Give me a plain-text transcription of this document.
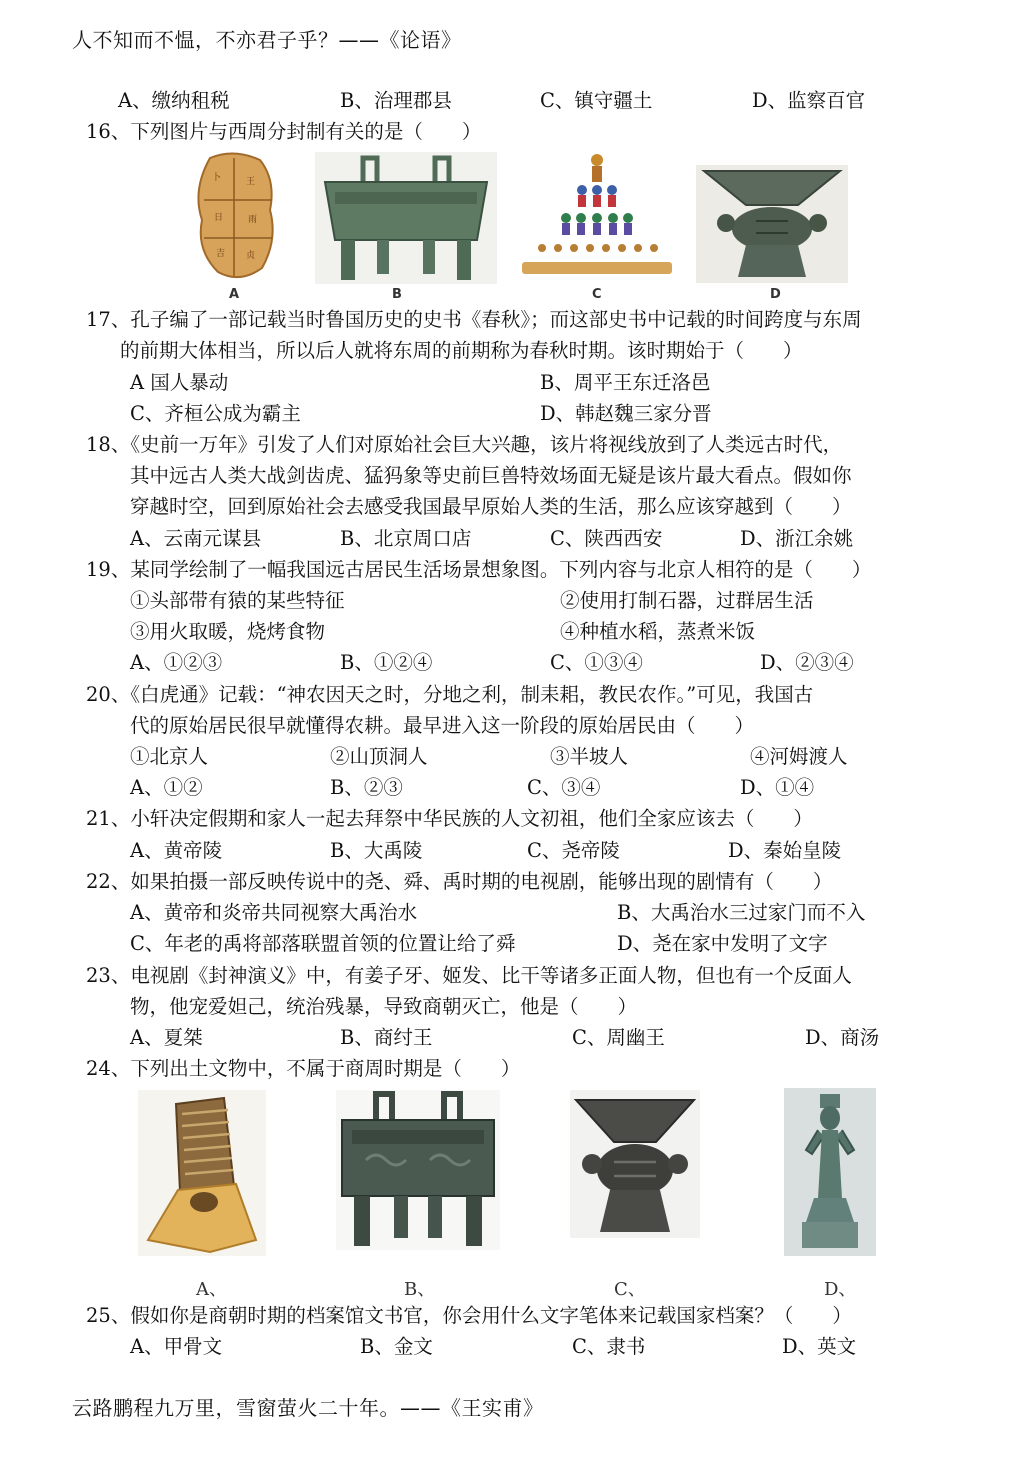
人不知而不愠，不亦君子乎？——《论语》
A、缴纳租税	B、治理郡县	C、镇守疆土	D、监察百官
16、下列图片与西周分封制有关的是（　　）
卜	王
日	雨
吉 贞
A	B	C	D
17、孔子编了一部记载当时鲁国历史的史书《春秋》；而这部史书中记载的时间跨度与东周
的前期大体相当，所以后人就将东周的前期称为春秋时期。该时期始于（　　）
A 国人暴动	B、周平王东迁洛邑
C、齐桓公成为霸主	D、韩赵魏三家分晋
18、《史前一万年》引发了人们对原始社会巨大兴趣，该片将视线放到了人类远古时代，
其中远古人类大战剑齿虎、猛犸象等史前巨兽特效场面无疑是该片最大看点。假如你
穿越时空，回到原始社会去感受我国最早原始人类的生活，那么应该穿越到（　　）
A、云南元谋县	B、北京周口店	C、陕西西安	D、浙江余姚
19、某同学绘制了一幅我国远古居民生活场景想象图。下列内容与北京人相符的是（　　）
①头部带有猿的某些特征	②使用打制石器，过群居生活
③用火取暖，烧烤食物	④种植水稻，蒸煮米饭
A、①②③	B、①②④	C、①③④	D、②③④
20、《白虎通》记载：“神农因天之时，分地之利，制耒耜，教民农作。”可见，我国古
代的原始居民很早就懂得农耕。最早进入这一阶段的原始居民由（　　）
①北京人	②山顶洞人	③半坡人	④河姆渡人
A、①②	B、②③	C、③④	D、①④
21、小轩决定假期和家人一起去拜祭中华民族的人文初祖，他们全家应该去（　　）
A、黄帝陵	B、大禹陵	C、尧帝陵	D、秦始皇陵
22、如果拍摄一部反映传说中的尧、舜、禹时期的电视剧，能够出现的剧情有（　　）
A、黄帝和炎帝共同视察大禹治水	B、大禹治水三过家门而不入
C、年老的禹将部落联盟首领的位置让给了舜	D、尧在家中发明了文字
23、电视剧《封神演义》中，有姜子牙、姬发、比干等诸多正面人物，但也有一个反面人
物，他宠爱妲己，统治残暴，导致商朝灭亡，他是（　　）
A、夏桀	B、商纣王	C、周幽王	D、商汤
24、下列出土文物中，不属于商周时期是（　　）
A、	B、	C、	D、
25、假如你是商朝时期的档案馆文书官，你会用什么文字笔体来记载国家档案？（　　）
A、甲骨文	B、金文	C、隶书	D、英文
云路鹏程九万里，雪窗萤火二十年。——《王实甫》
